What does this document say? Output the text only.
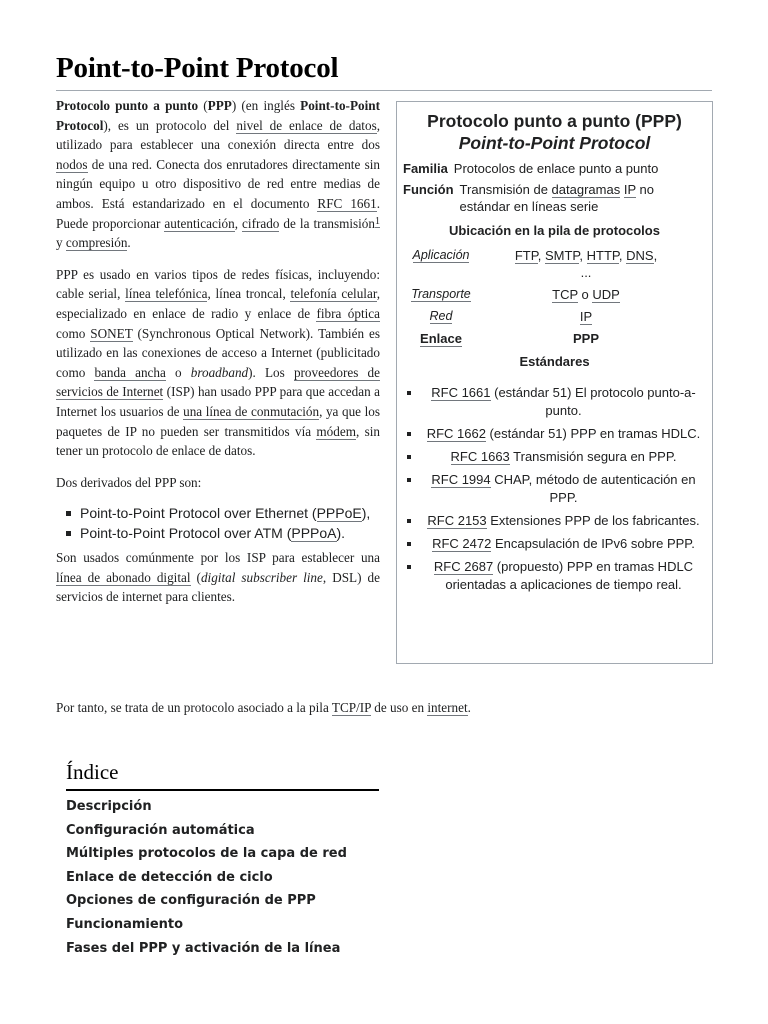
Point-to-Point Protocol

Protocolo punto a punto (PPP) (en inglés Point-to-Point Protocol), es un protocolo del nivel de enlace de datos, utilizado para establecer una conexión directa entre dos nodos de una red. Conecta dos enrutadores directamente sin ningún equipo u otro dispositivo de red entre medias de ambos. Está estandarizado en el documento RFC 1661. Puede proporcionar autenticación, cifrado de la transmisión$^1$ y compresión.

PPP es usado en varios tipos de redes físicas, incluyendo: cable serial, línea telefónica, línea troncal, telefonía celular, especializado en enlace de radio y enlace de fibra óptica como SONET (Synchronous Optical Network). También es utilizado en las conexiones de acceso a Internet (publicitado como banda ancha o broadband). Los proveedores de servicios de Internet (ISP) han usado PPP para que accedan a Internet los usuarios de una línea de conmutación, ya que los paquetes de IP no pueden ser transmitidos vía módem, sin tener un protocolo de enlace de datos.

Dos derivados del PPP son:

Point-to-Point Protocol over Ethernet (PPPoE),
Point-to-Point Protocol over ATM (PPPoA).

Son usados comúnmente por los ISP para establecer una línea de abonado digital (digital subscriber line, DSL) de servicios de internet para clientes.

Por tanto, se trata de un protocolo asociado a la pila TCP/IP de uso en internet.
Protocolo punto a punto (PPP)
Point-to-Point Protocol
Familia Protocolos de enlace punto a punto
Función Transmisión de datagramas IP no estándar en líneas serie
Ubicación en la pila de protocolos
Aplicación	FTP, SMTP, HTTP, DNS,
...
Transporte	TCP o UDP
Red	IP
Enlace	PPP
Estándares
RFC 1661 (estándar 51) El protocolo punto-a-punto.
RFC 1662 (estándar 51) PPP en tramas HDLC.
RFC 1663 Transmisión segura en PPP.
RFC 1994 CHAP, método de autenticación en PPP.
RFC 2153 Extensiones PPP de los fabricantes.
RFC 2472 Encapsulación de IPv6 sobre PPP.
RFC 2687 (propuesto) PPP en tramas HDLC orientadas a aplicaciones de tiempo real.
Índice
Descripción
Configuración automática
Múltiples protocolos de la capa de red
Enlace de detección de ciclo
Opciones de configuración de PPP
Funcionamiento
Fases del PPP y activación de la línea
